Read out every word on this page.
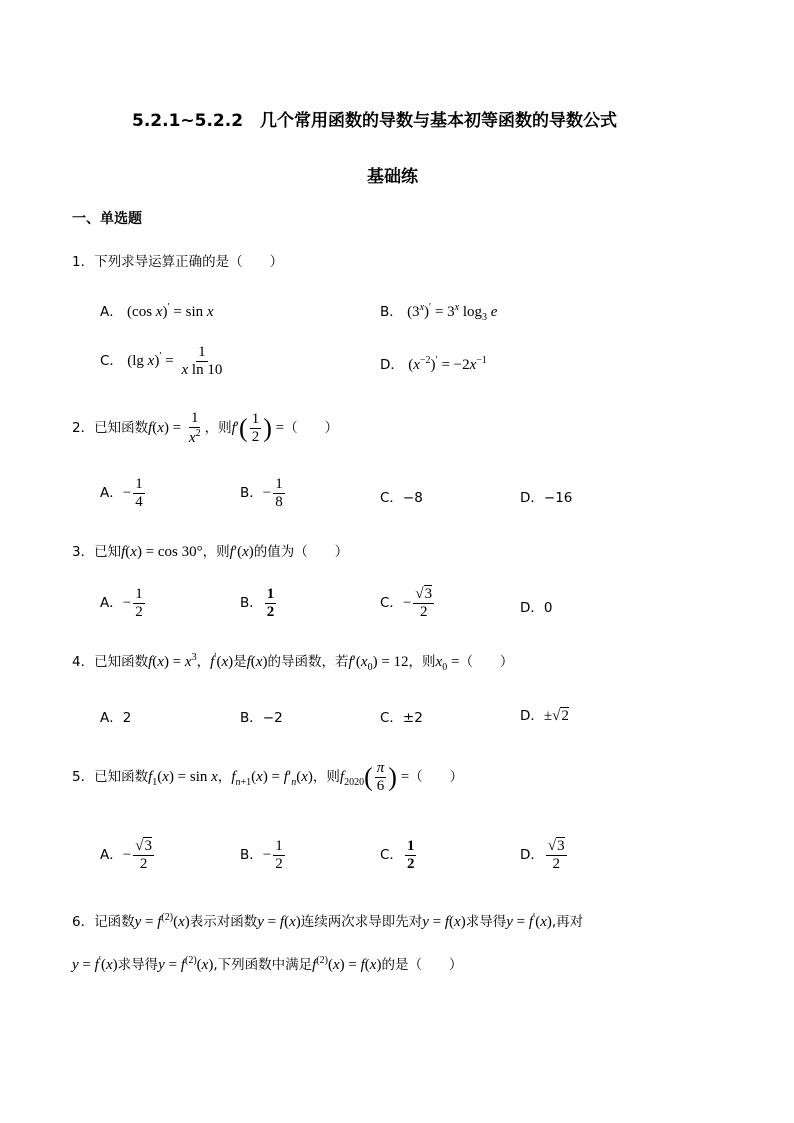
5.2.1~5.2.2　几个常用函数的导数与基本初等函数的导数公式
基础练
一、单选题
1．下列求导运算正确的是（　　）
A． (cos x)′ = sin x	B． $(3^x)' = 3^x$ $\log_3 e$
C． (lg $x)' = \frac{1}{\text{x ln 10}}$	D． $(x^{-2})' = -2x^{-1}$
2．已知函数$f(x) = \frac{1}{x^2}$ ，则$f'( \frac{1}{2}$ ) =（　　）
A．− $\frac{1}{4}$	B．− $\frac{1}{8}$	C．−8	D．−16
3．已知f(x) = cos 30°，则f′(x)的值为（　　）
A．− $\frac{1}{2}$	B． $\frac{1}{2}$	C．− $\frac{√3}{2}$	D．0
4．已知函数$f(x) = x^3$，f′(x)是f(x)的导函数，若$f'(x_0) = 12$，则$x_0$ =（　　）
A．2	B．−2	C．±2	D．±√2
5．已知函数$f_1(x) = \sin x$，$f_{n+1}(x) = f'_n(x)$，则$f_{2020}( \frac{\pi}{6}$ ) =（　　）
A．− $\frac{√3}{2}$	B．− $\frac{1}{2}$	C． $\frac{1}{2}$	D． $\frac{√3}{2}$
6．记函数$y = f^{(2)}(x)$表示对函数y = f(x)连续两次求导即先对y = f(x)求导得y = f′(x),再对
y = f′(x)求导得$y = f^{(2)}(x)$,下列函数中满足$f^{(2)}(x) = f(x)$的是（　　）
